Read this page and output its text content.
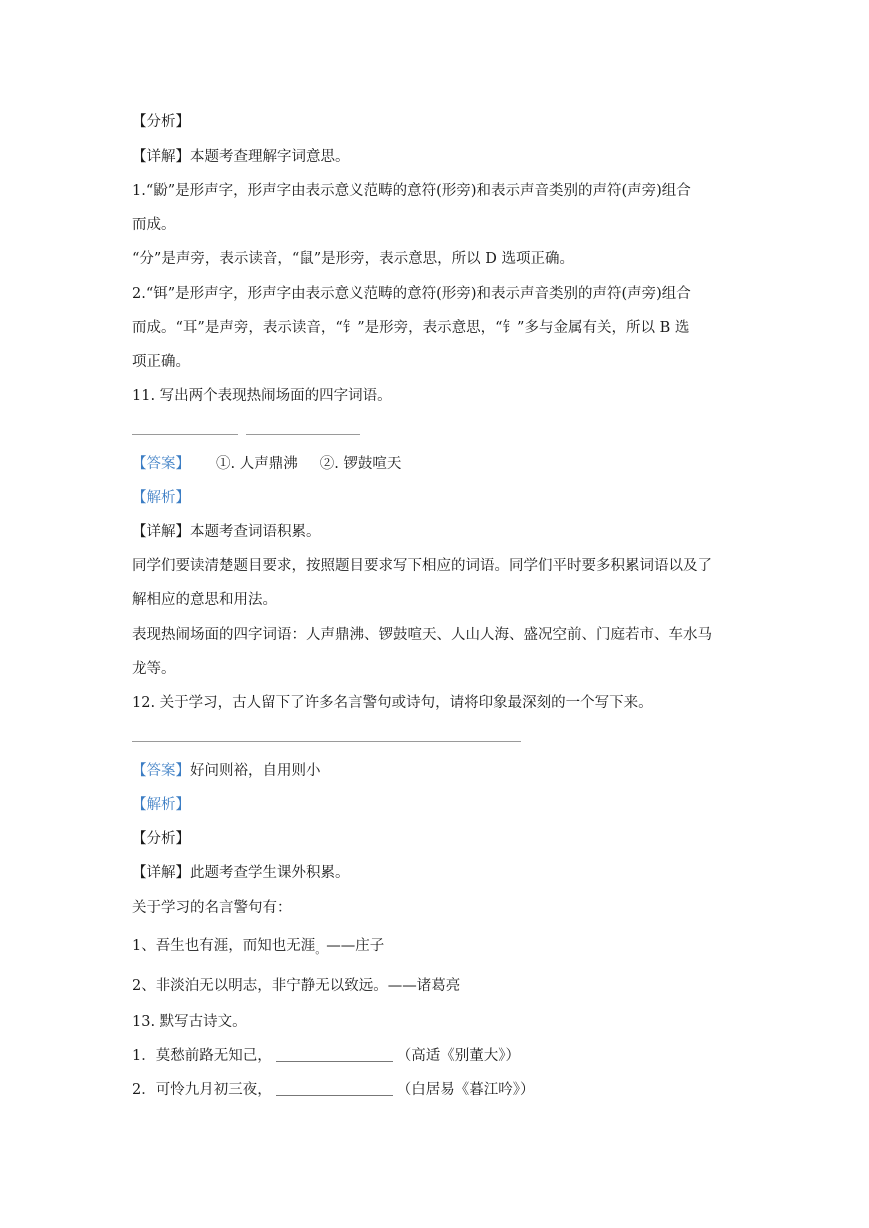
【分析】
【详解】本题考查理解字词意思。
1.“鼢”是形声字，形声字由表示意义范畴的意符(形旁)和表示声音类别的声符(声旁)组合
而成。
“分”是声旁，表示读音，“鼠”是形旁，表示意思，所以 D 选项正确。
2.“铒”是形声字，形声字由表示意义范畴的意符(形旁)和表示声音类别的声符(声旁)组合
而成。“耳”是声旁，表示读音，“钅”是形旁，表示意思，“钅”多与金属有关，所以 B 选
项正确。
11. 写出两个表现热闹场面的四字词语。
【答案】 ①. 人声鼎沸 ②. 锣鼓喧天
【解析】
【详解】本题考查词语积累。
同学们要读清楚题目要求，按照题目要求写下相应的词语。同学们平时要多积累词语以及了
解相应的意思和用法。
表现热闹场面的四字词语：人声鼎沸、锣鼓喧天、人山人海、盛况空前、门庭若市、车水马
龙等。
12. 关于学习，古人留下了许多名言警句或诗句，请将印象最深刻的一个写下来。
【答案】好问则裕，自用则小
【解析】
【分析】
【详解】此题考查学生课外积累。
关于学习的名言警句有：
1、吾生也有涯，而知也无涯$_。$——庄子
2、非淡泊无以明志，非宁静无以致远。——诸葛亮
13. 默写古诗文。
1．莫愁前路无知己，	（高适《别董大》）
2．可怜九月初三夜，	（白居易《暮江吟》）
